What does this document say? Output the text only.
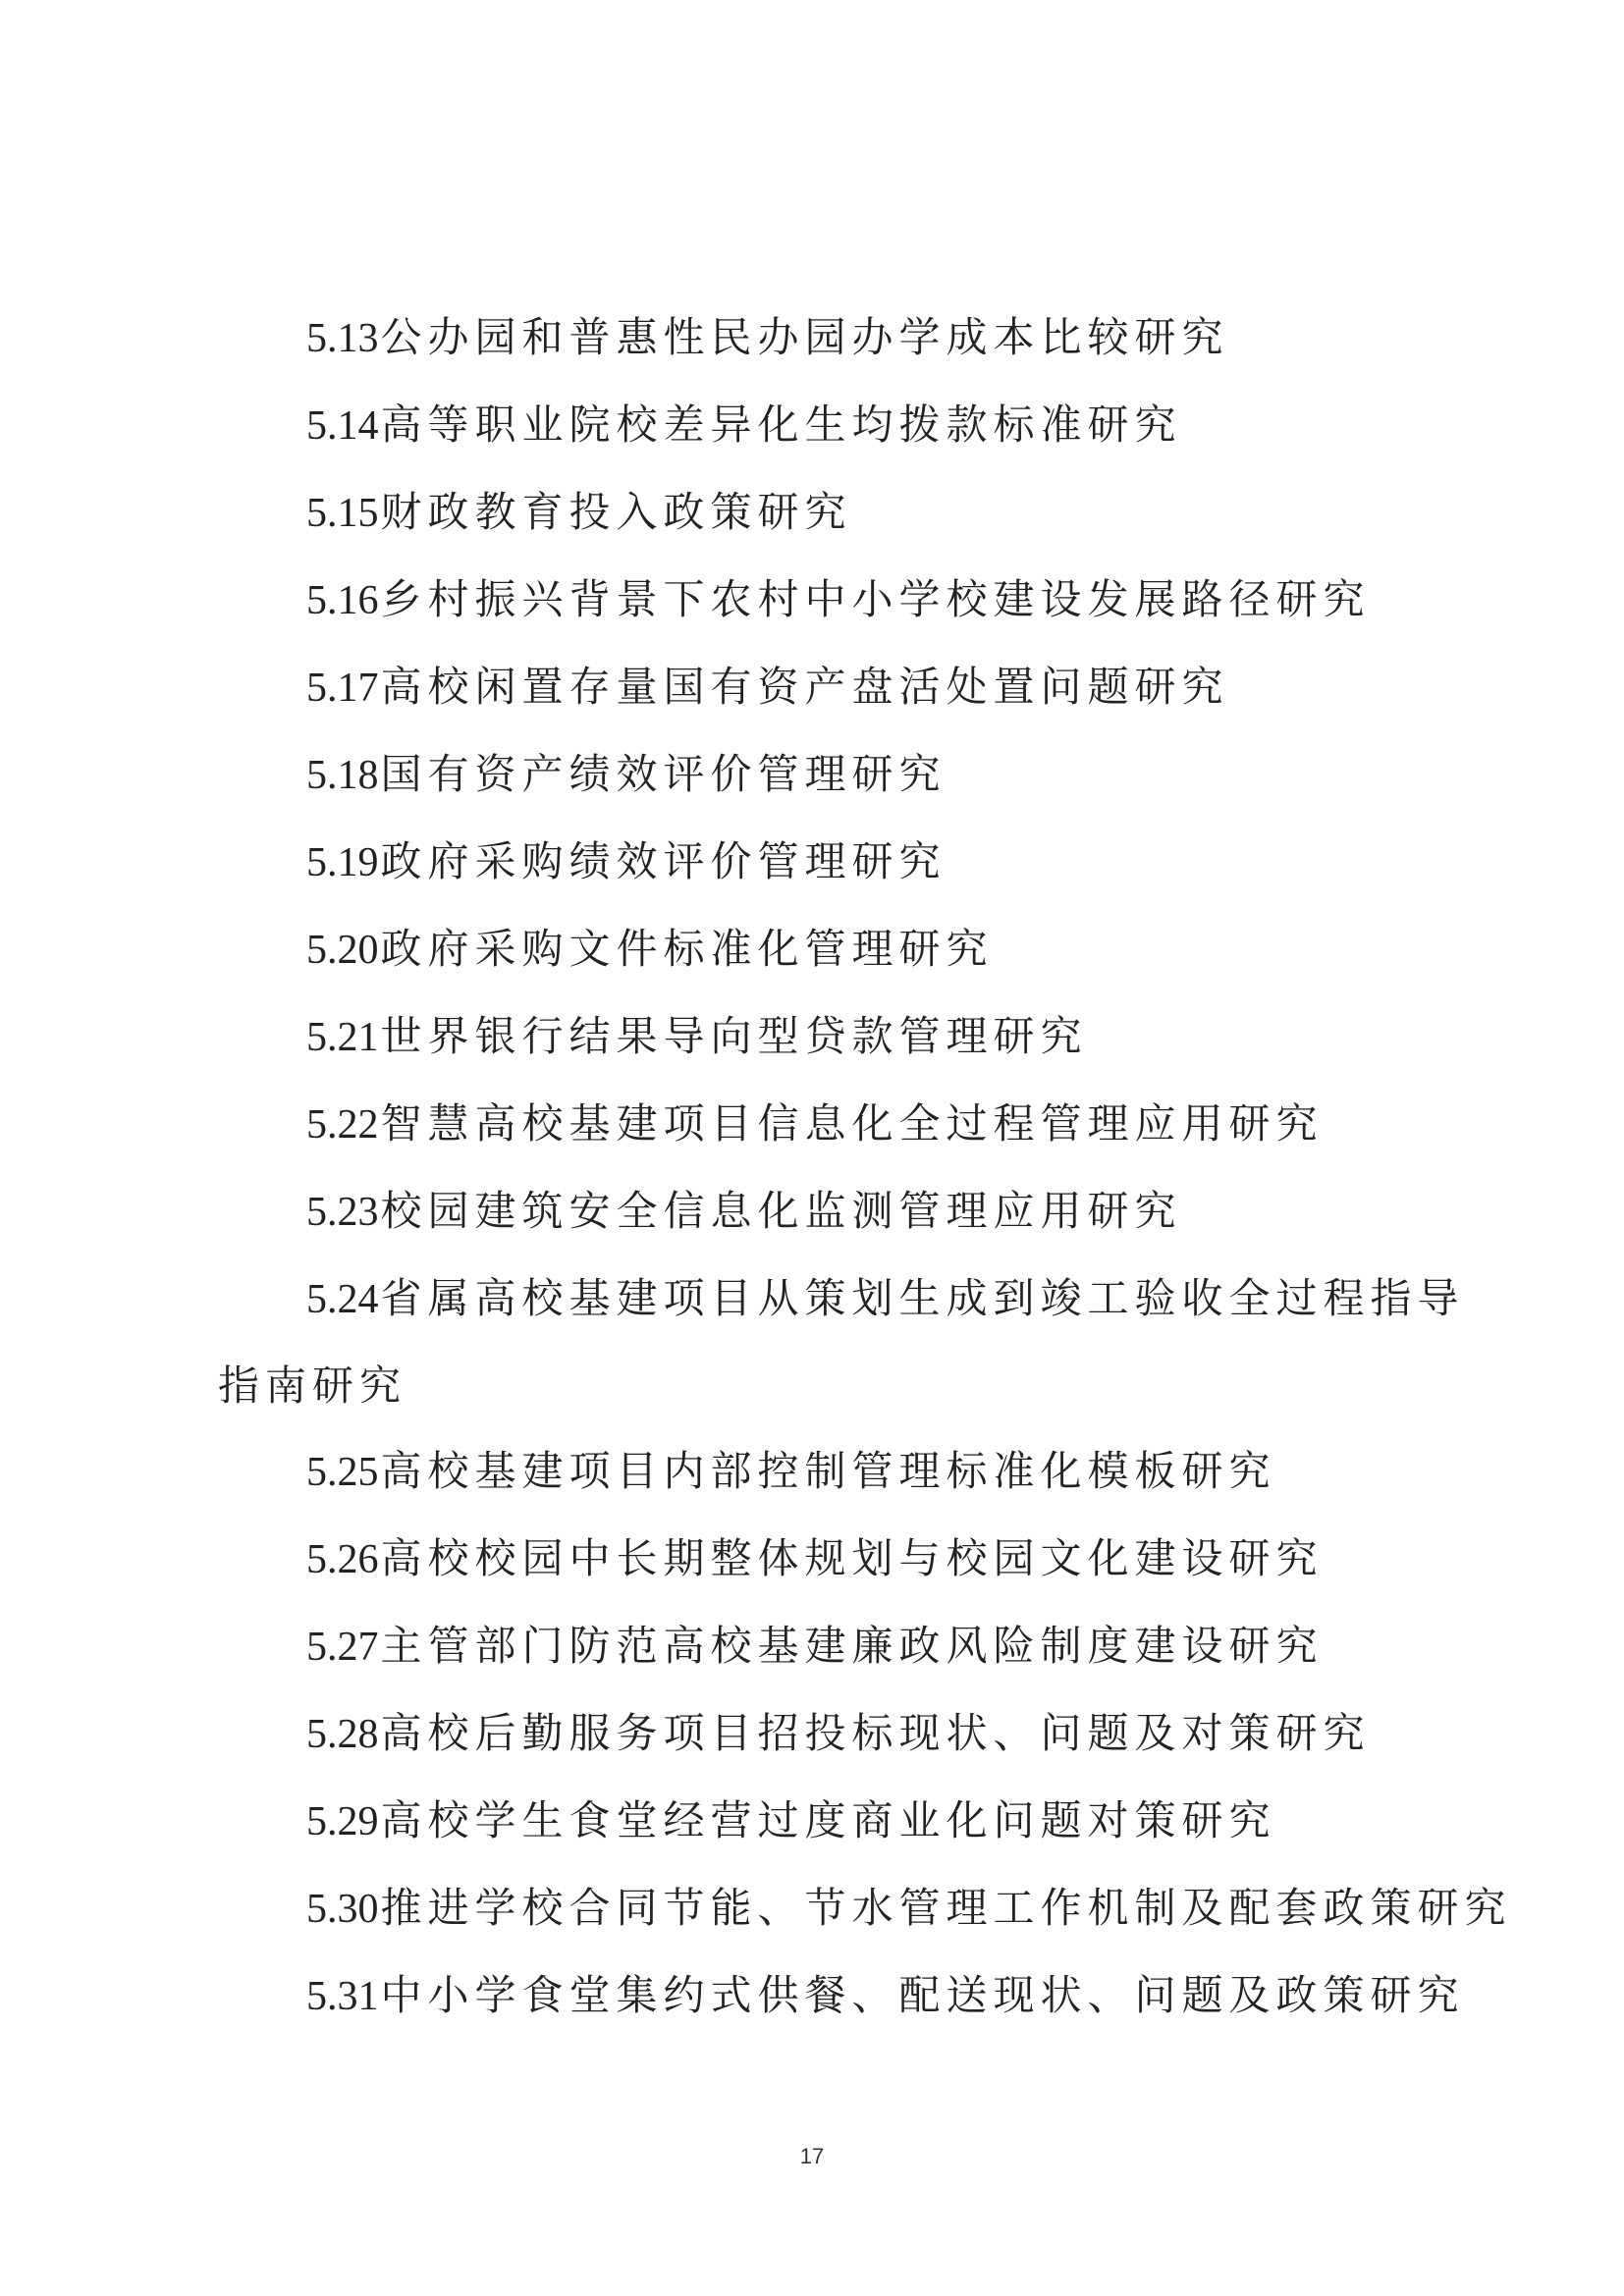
5.13公办园和普惠性民办园办学成本比较研究
5.14高等职业院校差异化生均拨款标准研究
5.15财政教育投入政策研究
5.16乡村振兴背景下农村中小学校建设发展路径研究
5.17高校闲置存量国有资产盘活处置问题研究
5.18国有资产绩效评价管理研究
5.19政府采购绩效评价管理研究
5.20政府采购文件标准化管理研究
5.21世界银行结果导向型贷款管理研究
5.22智慧高校基建项目信息化全过程管理应用研究
5.23校园建筑安全信息化监测管理应用研究
5.24省属高校基建项目从策划生成到竣工验收全过程指导
指南研究
5.25高校基建项目内部控制管理标准化模板研究
5.26高校校园中长期整体规划与校园文化建设研究
5.27主管部门防范高校基建廉政风险制度建设研究
5.28高校后勤服务项目招投标现状、问题及对策研究
5.29高校学生食堂经营过度商业化问题对策研究
5.30推进学校合同节能、节水管理工作机制及配套政策研究
5.31中小学食堂集约式供餐、配送现状、问题及政策研究
17
